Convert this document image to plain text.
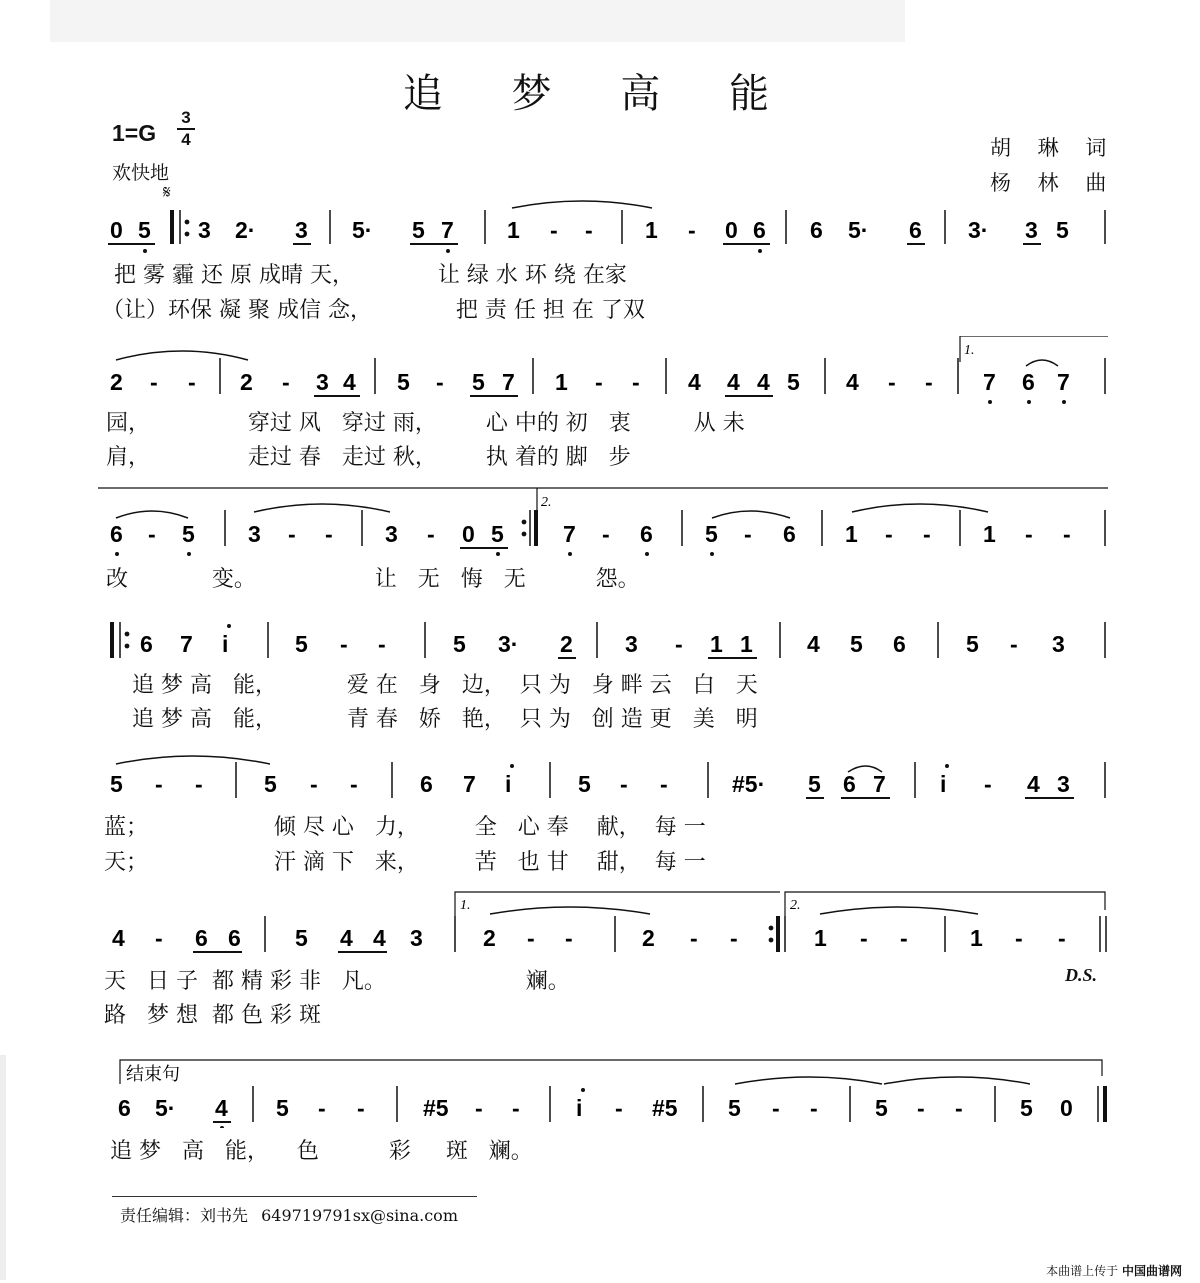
追 梦 高 能
1=G
3
4
欢快地
胡 琳 词
杨 林 曲
𝄋
0 5 3 2· 3 5· 5 7 1 - - 1 - 0 6 6 5· 6 3· 3 5
把 雾 霾 还 原 成晴 天，            让 绿 水 环 绕 在家
（让）环保 凝 聚 成信 念，            把 责 任 担 在 了双
1.
2 - - 2 - 3 4 5 - 5 7 1 - - 4 4 4 5 4 - - 7 6 7
园，              穿过 风   穿过 雨，       心 中的 初   衷         从 未
肩，              走过 春   走过 秋，       执 着的 脚   步
2.
6 - 5 3 - - 3 - 0 5	7 - 6 5 - 6 1 - - 1 - -
改            变。                 让   无   悔   无          怨。
6 7 i	5 - -	5 3· 2 3 - 1 1 4 5 6	5 - 3
追 梦 高   能，          爱 在   身   边，  只 为   身 畔 云   白   天
追 梦 高   能，          青 春   娇   艳，  只 为   创 造 更   美   明
5 - -	5 - -	6 7 i	5 - -	#5· 5 6 7 i - 4 3
蓝；                  倾 尽 心   力，        全   心 奉    献，  每 一
天；                  汗 滴 下   来，        苦   也 甘    甜，  每 一
1.	2.
4 - 6 6 5 4 4 3	2 - -	2 - -	1 - -	1 - -
天   日 子  都 精 彩 非   凡。                    斓。
路   梦 想  都 色 彩 斑
D.S.
结束句
6 5· 4 5 - -	#5 - - i - #5 5 - - 5 - - 5 0
追 梦   高   能，    色          彩     斑   斓。
责任编辑：刘书先 649719791sx@sina.com
本曲谱上传于 中国曲谱网
